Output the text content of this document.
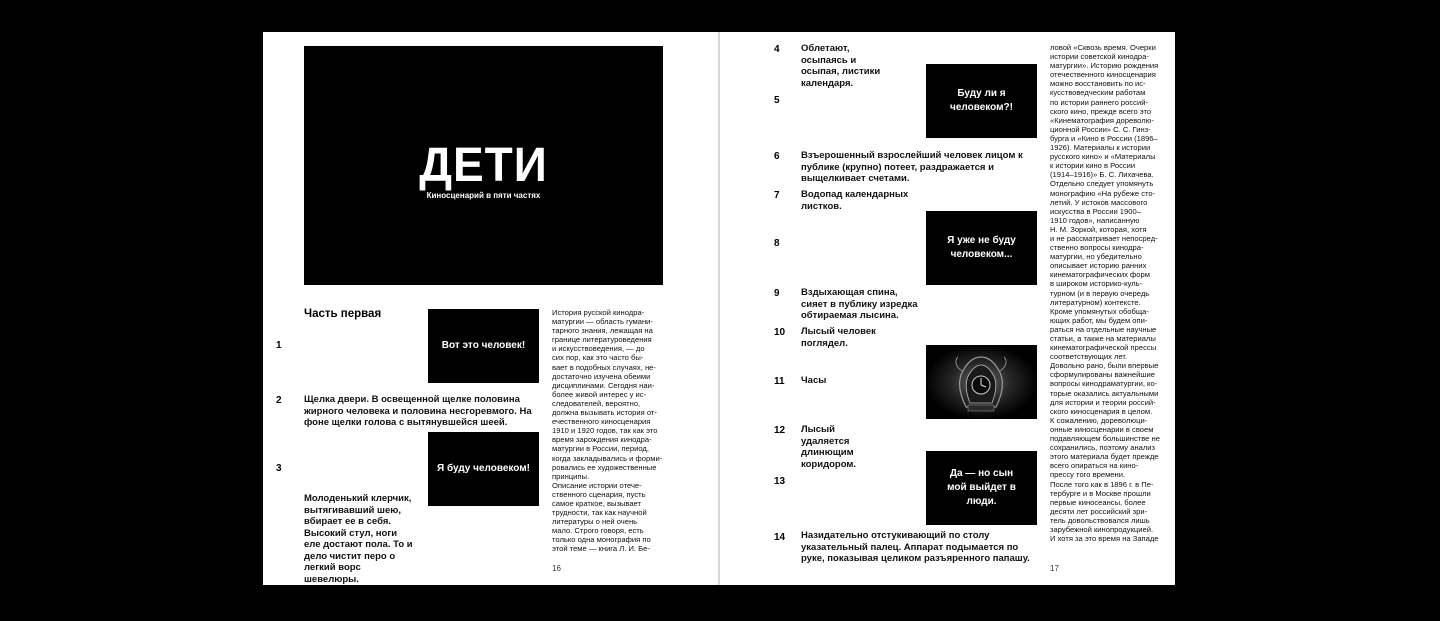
ДЕТИ
Киносценарий в пяти частях
Часть первая
1	Вот это человек!
2 Щелка двери. В освещенной щелке половина жирного человека и половина несгоревмого. На фоне щелки голова с вытянувшейся шеей.
3	Я буду человеком!
Молоденький клерчик, вытягивавший шею, вбирает ее в себя. Высокий стул, ноги еле достают пола. То и дело чистит перо о легкий ворс шевелюры.
История русской кинодра-
матургии — область гумани-
тарного знания, лежащая на
границе литературоведения
и искусствоведения, — до
сих пор, как это часто бы-
вает в подобных случаях, не-
достаточно изучена обеими
дисциплинами. Сегодня наи-
более живой интерес у ис-
следователей, вероятно,
должна вызывать история от-
ечественного киносценария
1910 и 1920 годов, так как это
время зарождения кинодра-
матургии в России, период,
когда закладывались и форми-
ровались ее художественные
принципы.
Описание истории отече-
ственного сценария, пусть
самое краткое, вызывает
трудности, так как научной
литературы о ней очень
мало. Строго говоря, есть
только одна монография по
этой теме — книга Л. И. Бе-
16
4 Облетают, осыпаясь и осыпая, листики календаря.
5
Буду ли я человеком?!
6 Взъерошенный взрослейший человек лицом к публике (крупно) потеет, раздражается и выщелкивает счетами.
7 Водопад календарных листков.
8	Я уже не буду человеком...
9 Вздыхающая спина, сияет в публику изредка обтираемая лысина.
10 Лысый человек поглядел.
11 Часы
12 Лысый удаляется длинющим коридором.
13
Да — но сын мой выйдет в люди.
14 Назидательно отстукивающий по столу указательный палец. Аппарат подымается по руке, показывая целиком разъяренного папашу.
ловой «Сквозь время. Очерки
истории советской кинодра-
матургии». Историю рождения
отечественного киносценария
можно восстановить по ис-
кусствоведческим работам
по истории раннего россий-
ского кино, прежде всего это
«Кинематография дореволю-
ционной России» С. С. Гинз-
бурга и «Кино в России (1896–
1926). Материалы к истории
русского кино» и «Материалы
к истории кино в России
(1914–1916)» Б. С. Лихачева.
Отдельно следует упомянуть
монографию «На рубеже сто-
летий. У истоков массового
искусства в России 1900–
1910 годов», написанную
Н. М. Зоркой, которая, хотя
и не рассматривает непосред-
ственно вопросы кинодра-
матургии, но убедительно
описывает историю ранних
кинематографических форм
в широком историко-куль-
турном (и в первую очередь
литературном) контексте.
Кроме упомянутых обобща-
ющих работ, мы будем опи-
раться на отдельные научные
статьи, а также на материалы
кинематографической прессы
соответствующих лет.
Довольно рано, были впервые
сформулированы важнейшие
вопросы кинодраматургии, ко-
торые оказались актуальными
для истории и теории россий-
ского киносценария в целом.
К сожалению, дореволюци-
онные киносценарии в своем
подавляющем большинстве не
сохранились, поэтому анализ
этого материала будет прежде
всего опираться на кино-
прессу того времени.
После того как в 1896 г. в Пе-
тербурге и в Москве прошли
первые киносеансы, более
десяти лет российский зри-
тель довольствовался лишь
зарубежной кинопродукцией.
И хотя за это время на Западе
17
